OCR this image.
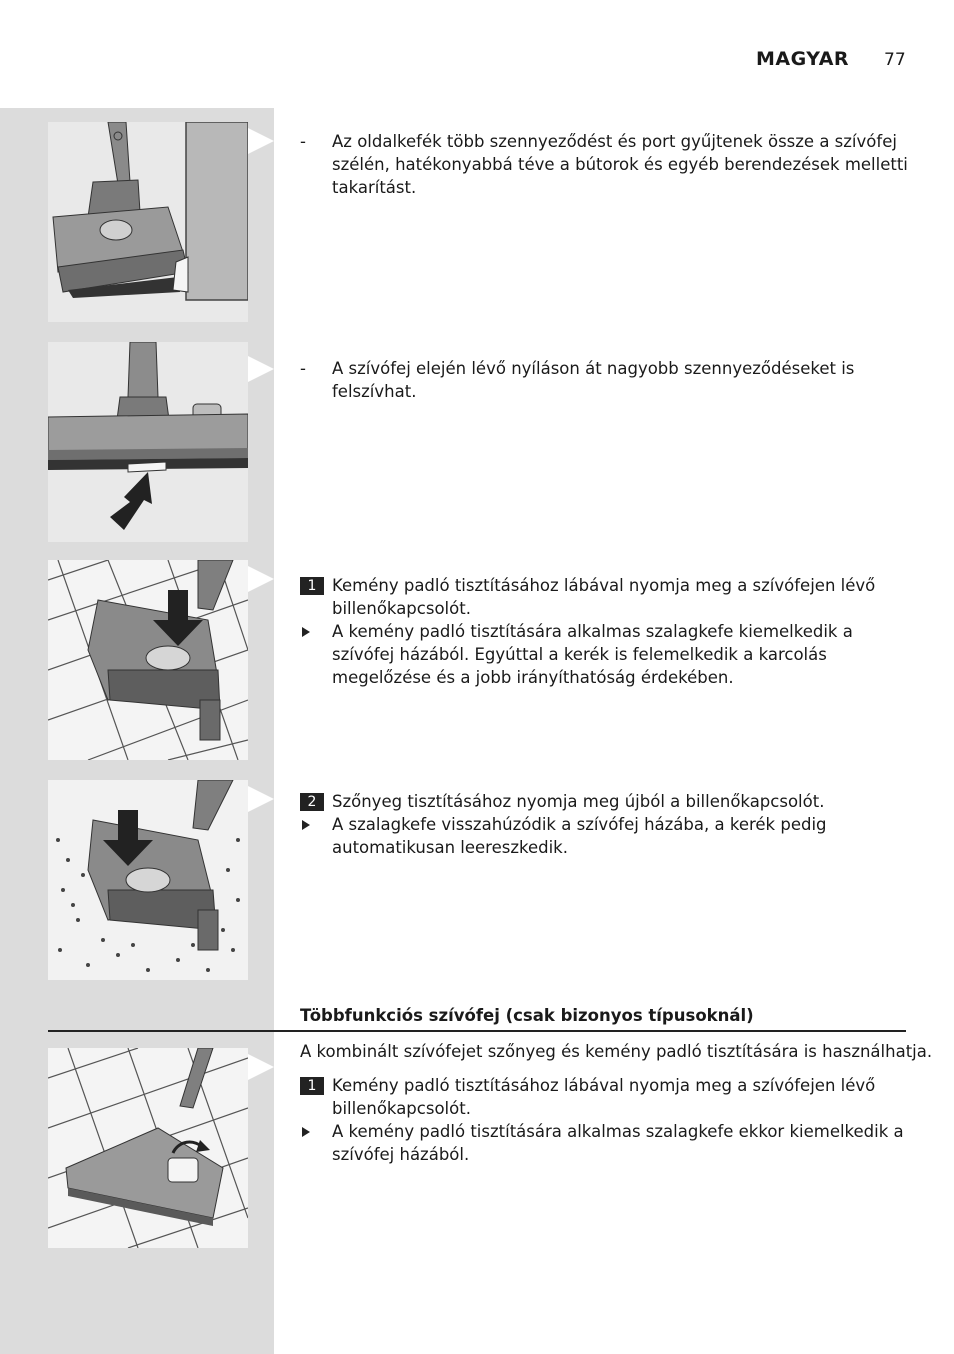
MAGYAR 77
-	Az oldalkefék több szennyeződést és port gyűjtenek össze a szívófej szélén, hatékonyabbá téve a bútorok és egyéb berendezések melletti takarítást.
-	A szívófej elején lévő nyíláson át nagyobb szennyeződéseket is felszívhat.
1 Kemény padló tisztításához lábával nyomja meg a szívófejen lévő billenőkapcsolót.
A kemény padló tisztítására alkalmas szalagkefe kiemelkedik a szívófej házából. Egyúttal a kerék is felemelkedik a karcolás megelőzése és a jobb irányíthatóság érdekében.
2 Szőnyeg tisztításához nyomja meg újból a billenőkapcsolót.
A szalagkefe visszahúzódik a szívófej házába, a kerék pedig automatikusan leereszkedik.
Többfunkciós szívófej (csak bizonyos típusoknál)
A kombinált szívófejet szőnyeg és kemény padló tisztítására is használhatja.
1 Kemény padló tisztításához lábával nyomja meg a szívófejen lévő billenőkapcsolót.
A kemény padló tisztítására alkalmas szalagkefe ekkor kiemelkedik a szívófej házából.
